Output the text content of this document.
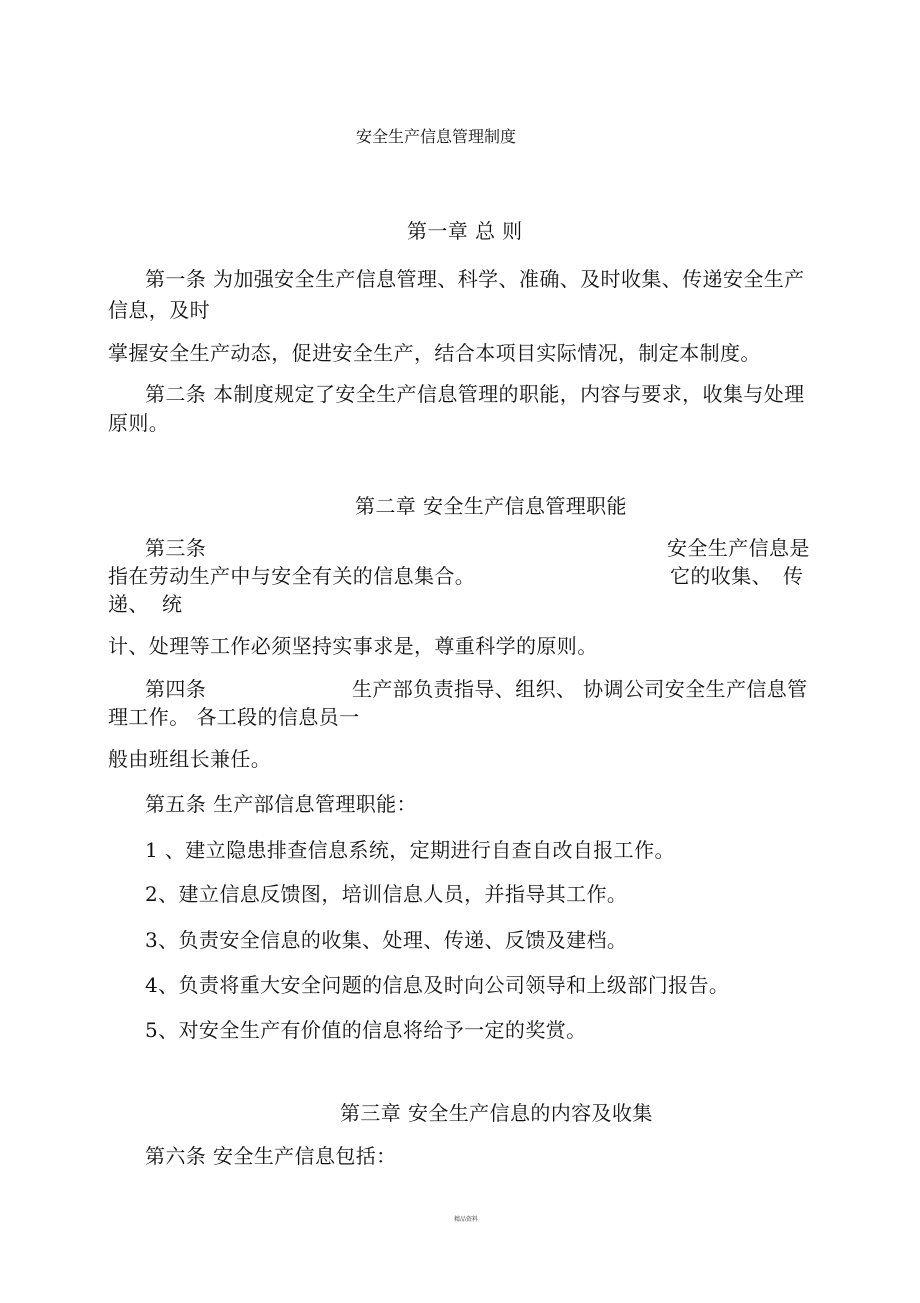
安全生产信息管理制度
第一章 总 则
第一条 为加强安全生产信息管理、科学、准确、及时收集、传递安全生产
信息，及时
掌握安全生产动态，促进安全生产，结合本项目实际情况，制定本制度。
第二条 本制度规定了安全生产信息管理的职能，内容与要求，收集与处理
原则。
第二章 安全生产信息管理职能
第三条	安全生产信息是
指在劳动生产中与安全有关的信息集合。	它的收集、 传
递、 统
计、处理等工作必须坚持实事求是，尊重科学的原则。
第四条	生产部负责指导、组织、 协调公司安全生产信息管
理工作。 各工段的信息员一
般由班组长兼任。
第五条 生产部信息管理职能：
1 、建立隐患排查信息系统，定期进行自查自改自报工作。
2、建立信息反馈图，培训信息人员，并指导其工作。
3、负责安全信息的收集、处理、传递、反馈及建档。
4、负责将重大安全问题的信息及时向公司领导和上级部门报告。
5、对安全生产有价值的信息将给予一定的奖赏。
第三章 安全生产信息的内容及收集
第六条 安全生产信息包括：
精品资料
